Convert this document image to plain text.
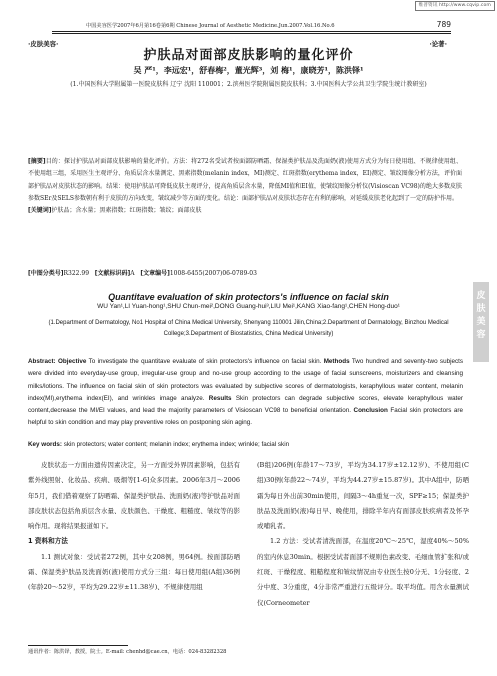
维普资讯 http://www.cqvip.com
中国美容医学2007年6月第16卷第6期 Chinese Journal of Aesthetic Medicine.Jun.2007.Vol.16.No.6	789
·皮肤美容·	·论著·
护肤品对面部皮肤影响的量化评价
吴 严¹，李远宏¹，舒春梅²，董光辉³，刘 梅¹，康晓芳¹，陈洪铎¹
(1.中国医科大学附属第一医院皮肤科 辽宁 沈阳 110001；2.滨州医学院附属医院皮肤科；3.中国医科大学公共卫生学院生统计教研室)
[摘要]目的：探讨护肤品对面部皮肤影响的量化评价。方法：将272名受试者按面部防晒霜、保湿类护肤品及洗面奶(液)使用方式分为每日使用组、不规律使用组、不使用组三组，采用医生主观评分、角质层含水量测定、黑素指数(melanin index，MI)测定、红斑指数(erythema index，EI)测定、皱纹图像分析方法，评价面部护肤品对皮肤状态的影响。结果：使用护肤品可降低皮肤主观评分，提高角质层含水量，降低MI值和EI值，使皱纹图像分析仪(Visioscan VC98)的绝大多数皮肤参数SEr及SELS参数朝有利于皮肤的方向改变，皱纹减少等方面的变化。结论：面部护肤品对皮肤状态存在有利的影响，对延缓皮肤老化起到了一定的防护作用。
[关键词]护肤品；含水量；黑素指数；红斑指数；皱纹；面部皮肤
[中图分类号]R322.99 [文献标识码]A [文章编号]1008-6455(2007)06-0789-03
Quantitave evaluation of skin protectors's influence on facial skin
WU Yan¹,LI Yuan-hong¹,SHU Chun-mei²,DONG Guang-hui³,LIU Mei¹,KANG Xiao-fang¹,CHEN Hong-duo¹
(1.Department of Dermatology, No1 Hospital of China Medical University, Shenyang 110001 Jilin,China;2.Department of Dermatology, Binzhou Medical College;3.Department of Biostatistics, China Medical University)
Abstract: Objective To investigate the quantitave evaluate of skin protectors's influence on facial skin. Methods Two hundred and seventy-two subjects were divided into everyday-use group, irregular-use group and no-use group according to the usage of facial sunscreens, moisturizers and cleansing milks/lotions. The influence on facial skin of skin protectors was evaluated by subjective scores of dermatologists, keraphyllous water content, melanin index(MI),erythema index(EI), and wrinkles image analyze. Results Skin protectors can degrade subjective scores, elevate keraphyllous water content,decrease the MI/EI values, and lead the majority parameters of Visioscan VC98 to beneficial orientation. Conclusion Facial skin protectors are helpful to skin condition and may play preventive roles on postponing skin aging.
Key words: skin protectors; water content; melanin index; erythema index; wrinkle; facial skin

皮肤状态一方面由遗传因素决定，另一方面受外界因素影响，包括有紫外线照射、化妆品、疾病、吸烟等[1-6]众多因素。2006年3月～2006年5月，我们借着观察了防晒霜、保湿类护肤品、洗面奶(液)等护肤品对面部皮肤状态包括角质层含水量、皮肤颜色、干燥度、粗糙度、皱纹等的影响作用。现将结果报道如下。

1 资料和方法

1.1 测试对象：受试者272例，其中女208例，男64例。按面部防晒霜、保湿类护肤品及洗面奶(液)使用方式分三组：每日使用组(A组)36例(年龄20～52岁，平均为29.22岁±11.38岁)、不规律使用组

(B组)206例(年龄17～73岁，平均为34.17岁±12.12岁)、不使用组(C组)30例(年龄22～74岁，平均为44.27岁±15.87岁)。其中A组中，防晒霜为每日外出前30min使用，间隔3～4h重复一次，SPF≥15；保湿类护肤品及洗面奶(液)每日早、晚使用，排除半年内有面部皮肤疾病者及怀孕或哺乳者。

1.2 方法：受试者清洗面部，在温度20℃～25℃，湿度40%～50%的室内休息30min。根据受试者面部不规则色素改变、毛细血管扩张和/或红斑、干燥程度、粗糙程度和皱纹情况由专业医生按0分无、1分轻度、2分中度、3分重度，4分非常严重进行五级评分。取平均值。用含水量测试仪(Corneometer

通讯作者：陈洪铎，教授，院士。E-mail: chenhd@cae.cn，电话：024-83282328
皮肤美容
